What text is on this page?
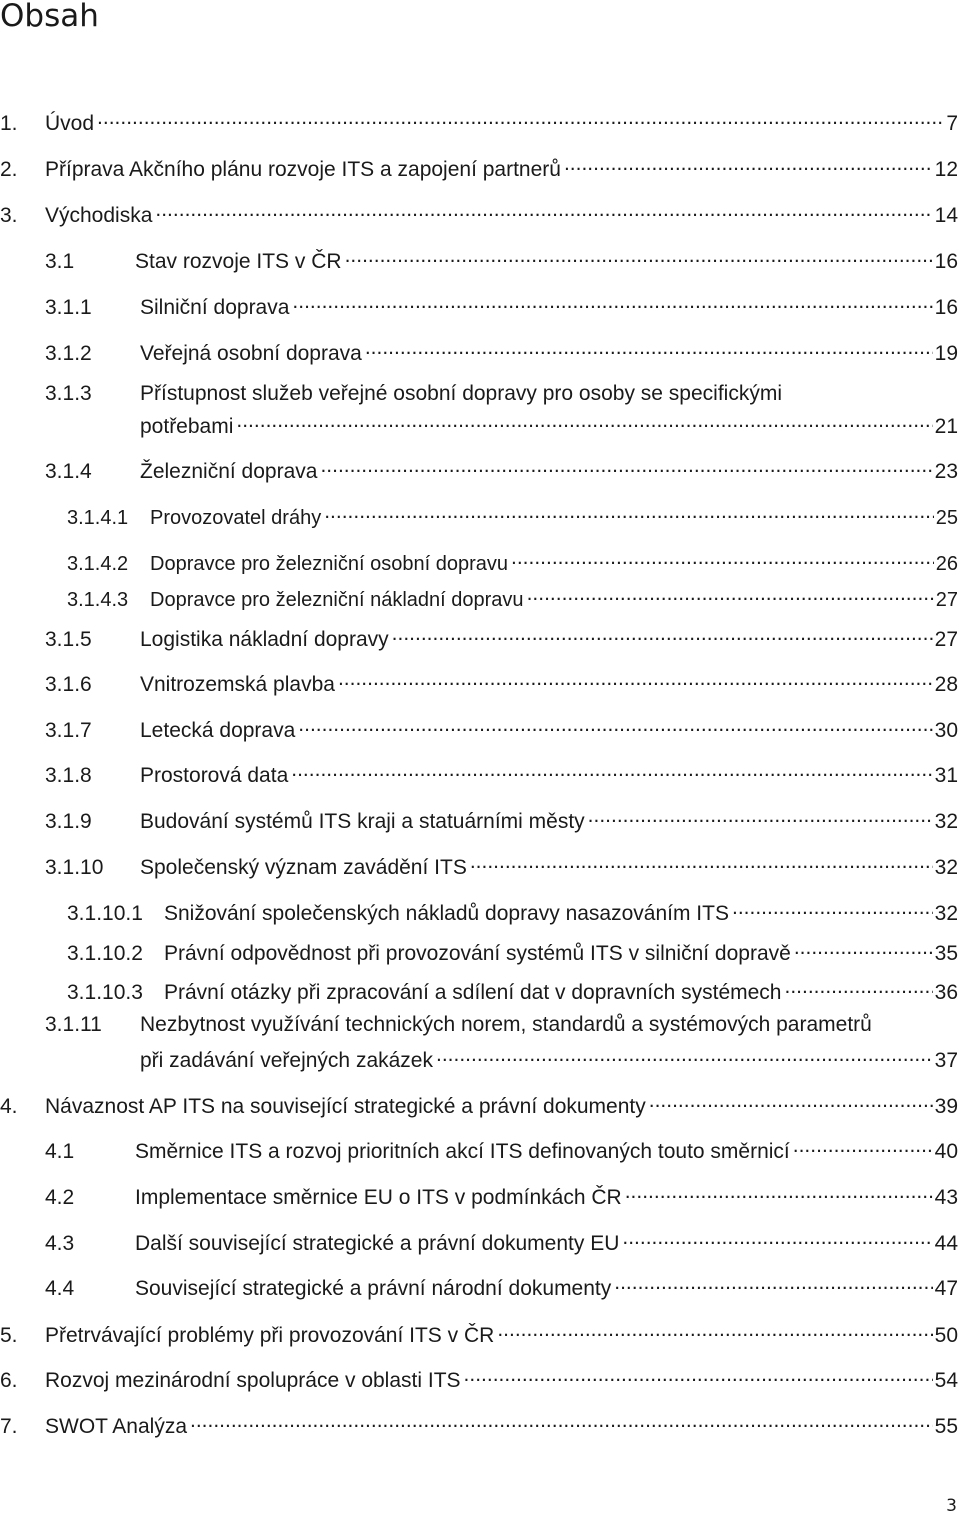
Obsah
1.	Úvod .....	7
2.	Příprava Akčního plánu rozvoje ITS a zapojení partnerů .....	12
3.	Východiska .....	14
3.1	Stav rozvoje ITS v ČR .....	16
3.1.1	Silniční doprava .....	16
3.1.2	Veřejná osobní doprava .....	19
3.1.3	Přístupnost služeb veřejné osobní dopravy pro osoby se specifickými
potřebami .....	21
3.1.4	Železniční doprava .....	23
3.1.4.1	Provozovatel dráhy .....	25
3.1.4.2	Dopravce pro železniční osobní dopravu .....	26
3.1.4.3	Dopravce pro železniční nákladní dopravu .....	27
3.1.5	Logistika nákladní dopravy .....	27
3.1.6	Vnitrozemská plavba .....	28
3.1.7	Letecká doprava .....	30
3.1.8	Prostorová data .....	31
3.1.9	Budování systémů ITS kraji a statuárními městy .....	32
3.1.10	Společenský význam zavádění ITS .....	32
3.1.10.1	Snižování společenských nákladů dopravy nasazováním ITS .....	32
3.1.10.2	Právní odpovědnost při provozování systémů ITS v silniční dopravě .....	35
3.1.10.3	Právní otázky při zpracování a sdílení dat v dopravních systémech .....	36
3.1.11	Nezbytnost využívání technických norem, standardů a systémových parametrů
při zadávání veřejných zakázek .....	37
4.	Návaznost AP ITS na související strategické a právní dokumenty .....	39
4.1	Směrnice ITS a rozvoj prioritních akcí ITS definovaných touto směrnicí .....	40
4.2	Implementace směrnice EU o ITS v podmínkách ČR .....	43
4.3	Další související strategické a právní dokumenty EU .....	44
4.4	Související strategické a právní národní dokumenty .....	47
5.	Přetrvávající problémy při provozování ITS v ČR .....	50
6.	Rozvoj mezinárodní spolupráce v oblasti ITS .....	54
7.	SWOT Analýza .....	55
3
